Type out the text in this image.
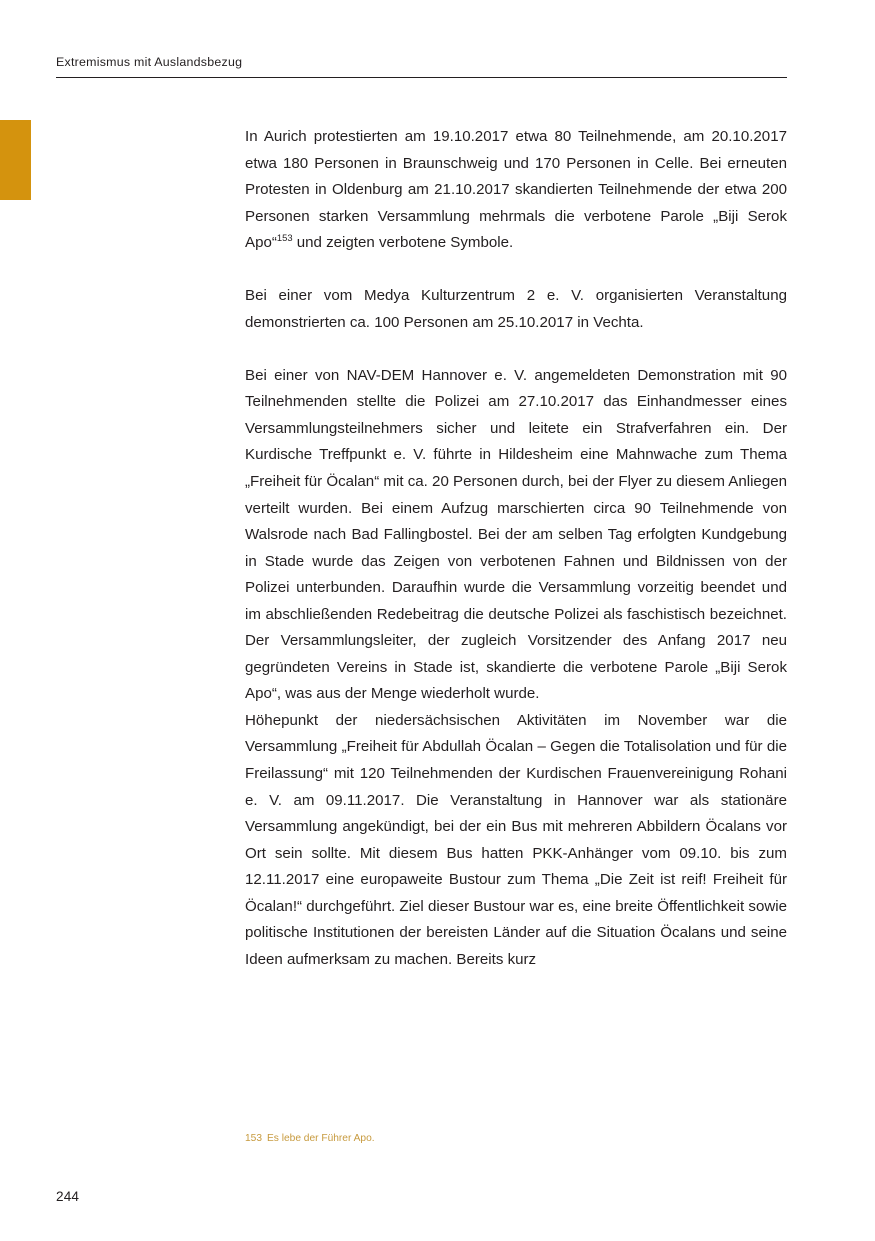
Extremismus mit Auslandsbezug

In Aurich protestierten am 19.10.2017 etwa 80 Teilnehmende, am 20.10.2017 etwa 180 Personen in Braunschweig und 170 Personen in Celle. Bei erneuten Protesten in Oldenburg am 21.10.2017 skandierten Teilnehmende der etwa 200 Personen starken Versammlung mehrmals die verbotene Parole „Biji Serok Apo“$^{153}$ und zeigten verbotene Symbole.

Bei einer vom Medya Kulturzentrum 2 e. V. organisierten Veranstaltung demonstrierten ca. 100 Personen am 25.10.2017 in Vechta.

Bei einer von NAV-DEM Hannover e. V. angemeldeten Demonstration mit 90 Teilnehmenden stellte die Polizei am 27.10.2017 das Einhandmesser eines Versammlungsteilnehmers sicher und leitete ein Strafverfahren ein. Der Kurdische Treffpunkt e. V. führte in Hildesheim eine Mahnwache zum Thema „Freiheit für Öcalan“ mit ca. 20 Personen durch, bei der Flyer zu diesem Anliegen verteilt wurden. Bei einem Aufzug marschierten circa 90 Teilnehmende von Walsrode nach Bad Fallingbostel. Bei der am selben Tag erfolgten Kundgebung in Stade wurde das Zeigen von verbotenen Fahnen und Bildnissen von der Polizei unterbunden. Daraufhin wurde die Versammlung vorzeitig beendet und im abschließenden Redebeitrag die deutsche Polizei als faschistisch bezeichnet. Der Versammlungsleiter, der zugleich Vorsitzender des Anfang 2017 neu gegründeten Vereins in Stade ist, skandierte die verbotene Parole „Biji Serok Apo“, was aus der Menge wiederholt wurde.

Höhepunkt der niedersächsischen Aktivitäten im November war die Versammlung „Freiheit für Abdullah Öcalan – Gegen die Totalisolation und für die Freilassung“ mit 120 Teilnehmenden der Kurdischen Frauenvereinigung Rohani e. V. am 09.11.2017. Die Veranstaltung in Hannover war als stationäre Versammlung angekündigt, bei der ein Bus mit mehreren Abbildern Öcalans vor Ort sein sollte. Mit diesem Bus hatten PKK-Anhänger vom 09.10. bis zum 12.11.2017 eine europaweite Bustour zum Thema „Die Zeit ist reif! Freiheit für Öcalan!“ durchgeführt. Ziel dieser Bustour war es, eine breite Öffentlichkeit sowie politische Institutionen der bereisten Länder auf die Situation Öcalans und seine Ideen aufmerksam zu machen. Bereits kurz

153 Es lebe der Führer Apo.
244
